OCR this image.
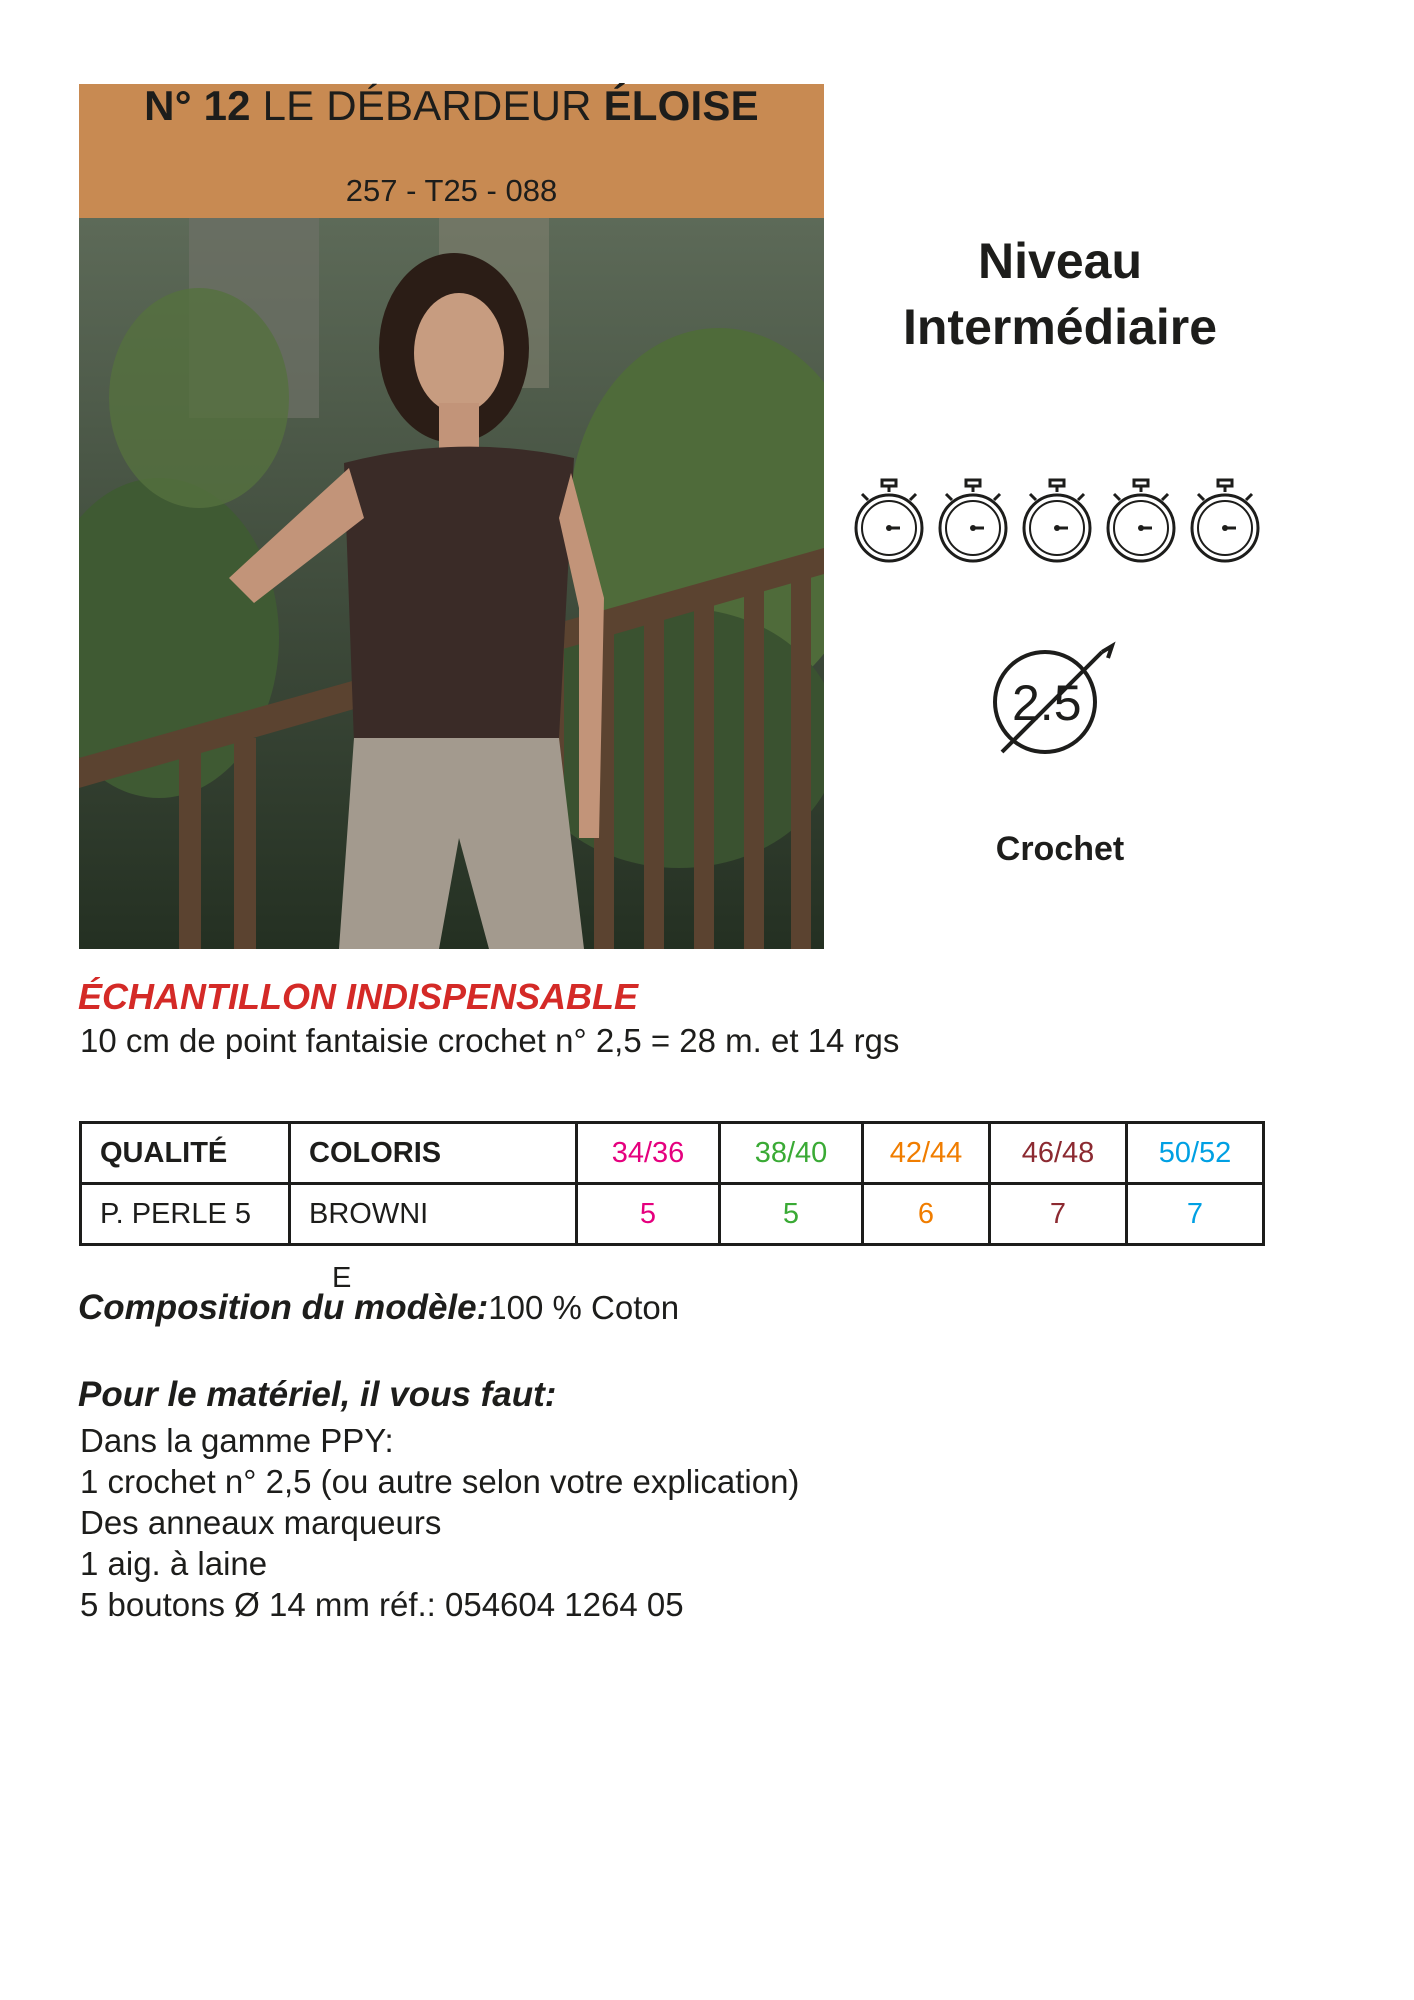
N° 12 LE DÉBARDEUR ÉLOISE
257 - T25 - 088
Niveau
Intermédiaire
2.5
Crochet
ÉCHANTILLON INDISPENSABLE
10 cm de point fantaisie crochet n° 2,5 = 28 m. et 14 rgs
QUALITÉ	COLORIS	34/36	38/40	42/44	46/48	50/52
P. PERLE 5	BROWNI	5	5	6	7	7
E
Composition du modèle:100 % Coton
Pour le matériel, il vous faut:
Dans la gamme PPY:
1 crochet n° 2,5 (ou autre selon votre explication)
Des anneaux marqueurs
1 aig. à laine
5 boutons Ø 14 mm réf.: 054604 1264 05
